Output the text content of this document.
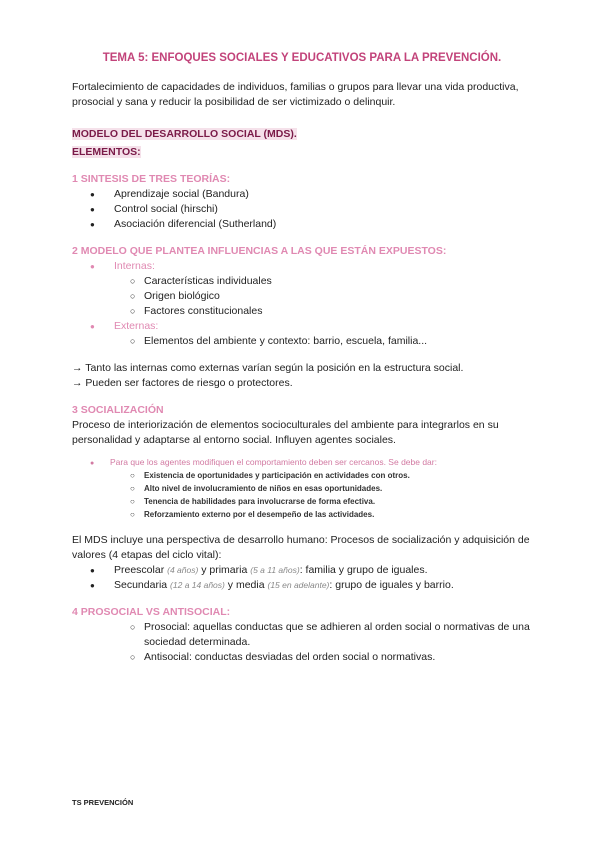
TEMA 5: ENFOQUES SOCIALES Y EDUCATIVOS PARA LA PREVENCIÓN.

Fortalecimiento de capacidades de individuos, familias o grupos para llevar una vida productiva, prosocial y sana y reducir la posibilidad de ser victimizado o delinquir.

MODELO DEL DESARROLLO SOCIAL (MDS).
ELEMENTOS:
1 SINTESIS DE TRES TEORÍAS:
● Aprendizaje social (Bandura)
● Control social (hirschi)
● Asociación diferencial (Sutherland)
2 MODELO QUE PLANTEA INFLUENCIAS A LAS QUE ESTÁN EXPUESTOS:
● Internas:
○ Características individuales
○ Origen biológico
○ Factores constitucionales
● Externas:
○ Elementos del ambiente y contexto: barrio, escuela, familia...
→ Tanto las internas como externas varían según la posición en la estructura social.
→ Pueden ser factores de riesgo o protectores.
3 SOCIALIZACIÓN

Proceso de interiorización de elementos socioculturales del ambiente para integrarlos en su personalidad y adaptarse al entorno social. Influyen agentes sociales.

● Para que los agentes modifiquen el comportamiento deben ser cercanos. Se debe dar:
○ Existencia de oportunidades y participación en actividades con otros.
○ Alto nivel de involucramiento de niños en esas oportunidades.
○ Tenencia de habilidades para involucrarse de forma efectiva.
○ Reforzamiento externo por el desempeño de las actividades.

El MDS incluye una perspectiva de desarrollo humano: Procesos de socialización y adquisición de valores (4 etapas del ciclo vital):

● Preescolar (4 años) y primaria (5 a 11 años): familia y grupo de iguales.
● Secundaria (12 a 14 años) y media (15 en adelante): grupo de iguales y barrio.
4 PROSOCIAL VS ANTISOCIAL:
○ Prosocial: aquellas conductas que se adhieren al orden social o normativas de una sociedad determinada.
○ Antisocial: conductas desviadas del orden social o normativas.
TS PREVENCIÓN
